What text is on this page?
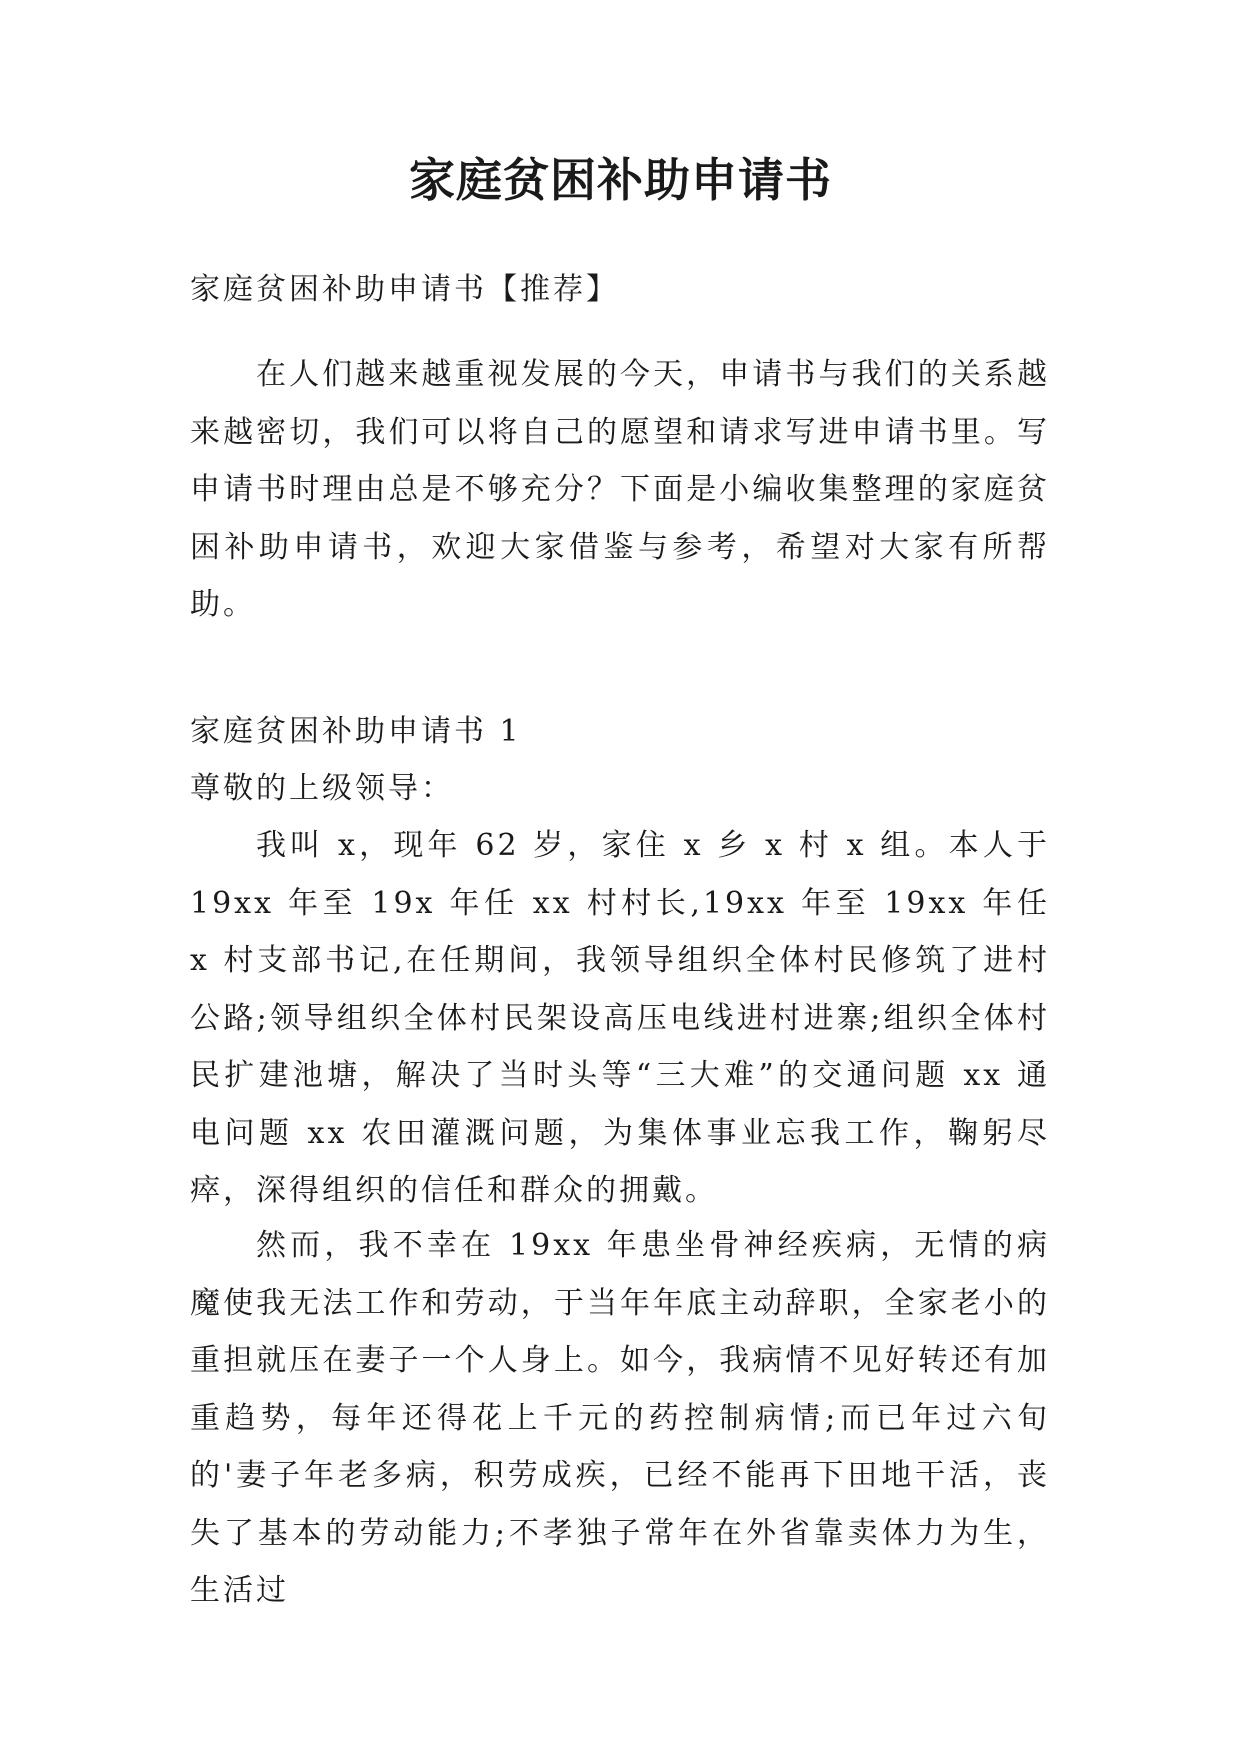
家庭贫困补助申请书

家庭贫困补助申请书【推荐】

在人们越来越重视发展的今天，申请书与我们的关系越来越密切，我们可以将自己的愿望和请求写进申请书里。写申请书时理由总是不够充分？下面是小编收集整理的家庭贫困补助申请书，欢迎大家借鉴与参考，希望对大家有所帮助。

家庭贫困补助申请书 1

尊敬的上级领导：

我叫 x，现年 62 岁，家住 x 乡 x 村 x 组。本人于 19xx 年至 19x 年任 xx 村村长,19xx 年至 19xx 年任 x 村支部书记,在任期间，我领导组织全体村民修筑了进村公路;领导组织全体村民架设高压电线进村进寨;组织全体村民扩建池塘，解决了当时头等“三大难”的交通问题 xx 通电问题 xx 农田灌溉问题，为集体事业忘我工作，鞠躬尽瘁，深得组织的信任和群众的拥戴。

然而，我不幸在 19xx 年患坐骨神经疾病，无情的病魔使我无法工作和劳动，于当年年底主动辞职，全家老小的重担就压在妻子一个人身上。如今，我病情不见好转还有加重趋势，每年还得花上千元的药控制病情;而已年过六旬的'妻子年老多病，积劳成疾，已经不能再下田地干活，丧失了基本的劳动能力;不孝独子常年在外省靠卖体力为生，生活过
